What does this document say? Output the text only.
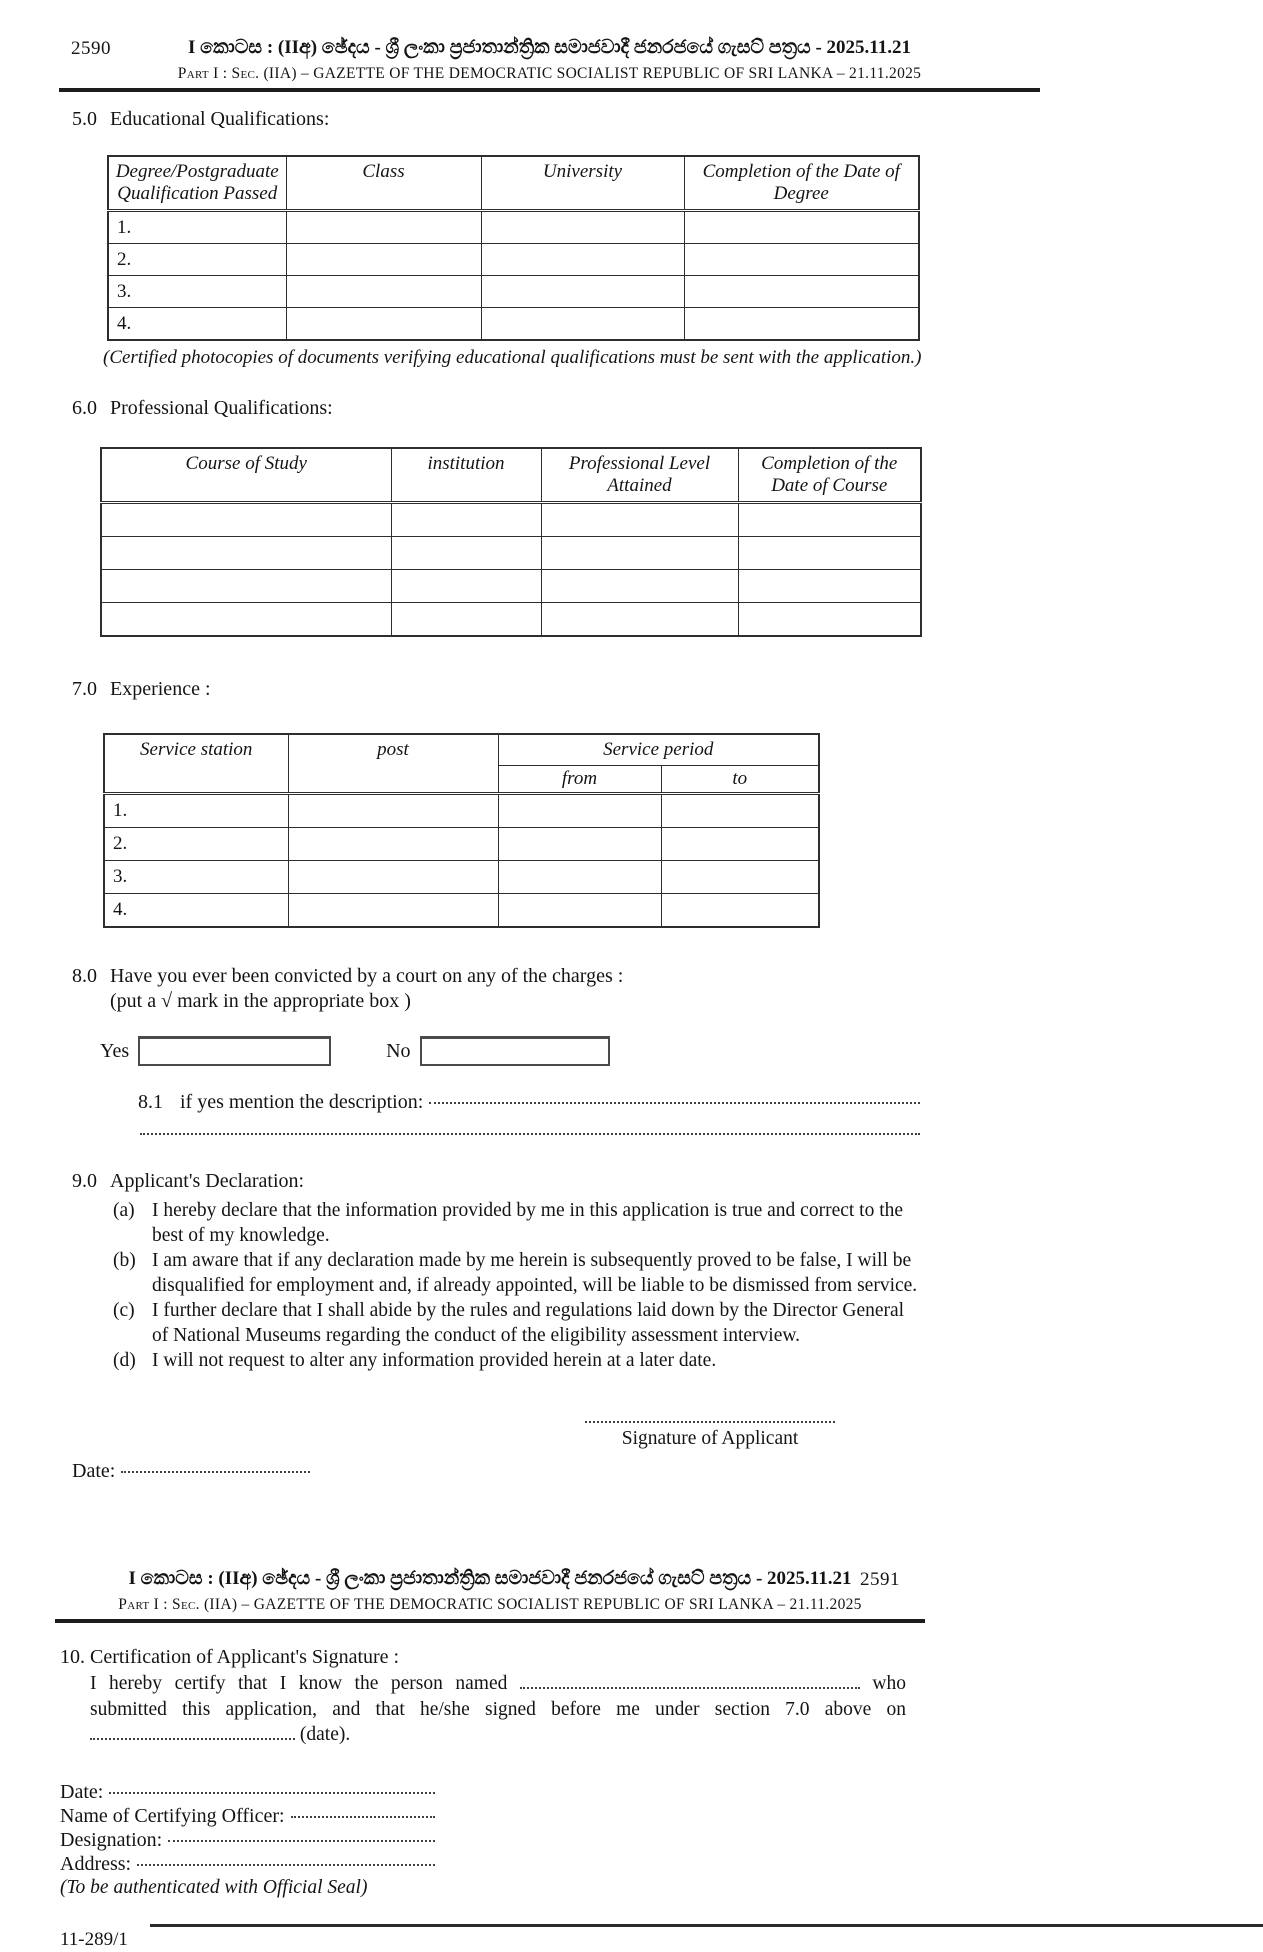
2590	I කොටස : (IIඅ) ඡේදය - ශ්‍රී ලංකා ප්‍රජාතාන්ත්‍රික සමාජවාදී ජනරජයේ ගැසට් පත්‍රය - 2025.11.21
Part I : Sec. (IIA) – GAZETTE OF THE DEMOCRATIC SOCIALIST REPUBLIC OF SRI LANKA – 21.11.2025
5.0 Educational Qualifications:
Degree/Postgraduate Qualification Passed	Class	University	Completion of the Date of Degree
1.			
2.			
3.			
4.			
(Certified photocopies of documents verifying educational qualifications must be sent with the application.)
6.0 Professional Qualifications:
Course of Study	institution	Professional Level Attained	Completion of the Date of Course

7.0 Experience :
Service station	post	Service period	
		from	to
1.			
2.			
3.			
4.			
8.0 Have you ever been convicted by a court on any of the charges :
(put a √ mark in the appropriate box )
Yes	No
8.1 if yes mention the description:
9.0 Applicant's Declaration:
(a) I hereby declare that the information provided by me in this application is true and correct to the best of my knowledge.
(b) I am aware that if any declaration made by me herein is subsequently proved to be false, I will be disqualified for employment and, if already appointed, will be liable to be dismissed from service.
(c) I further declare that I shall abide by the rules and regulations laid down by the Director General of National Museums regarding the conduct of the eligibility assessment interview.
(d) I will not request to alter any information provided herein at a later date.
Signature of Applicant
Date:
2591
I කොටස : (IIඅ) ඡේදය - ශ්‍රී ලංකා ප්‍රජාතාන්ත්‍රික සමාජවාදී ජනරජයේ ගැසට් පත්‍රය - 2025.11.21
Part I : Sec. (IIA) – GAZETTE OF THE DEMOCRATIC SOCIALIST REPUBLIC OF SRI LANKA – 21.11.2025
10. Certification of Applicant's Signature :
I hereby certify that I know the person named	who submitted this application, and that he/she signed before me under section 7.0 above on  (date).
Date:
Name of Certifying Officer:
Designation:
Address:
(To be authenticated with Official Seal)
11-289/1
